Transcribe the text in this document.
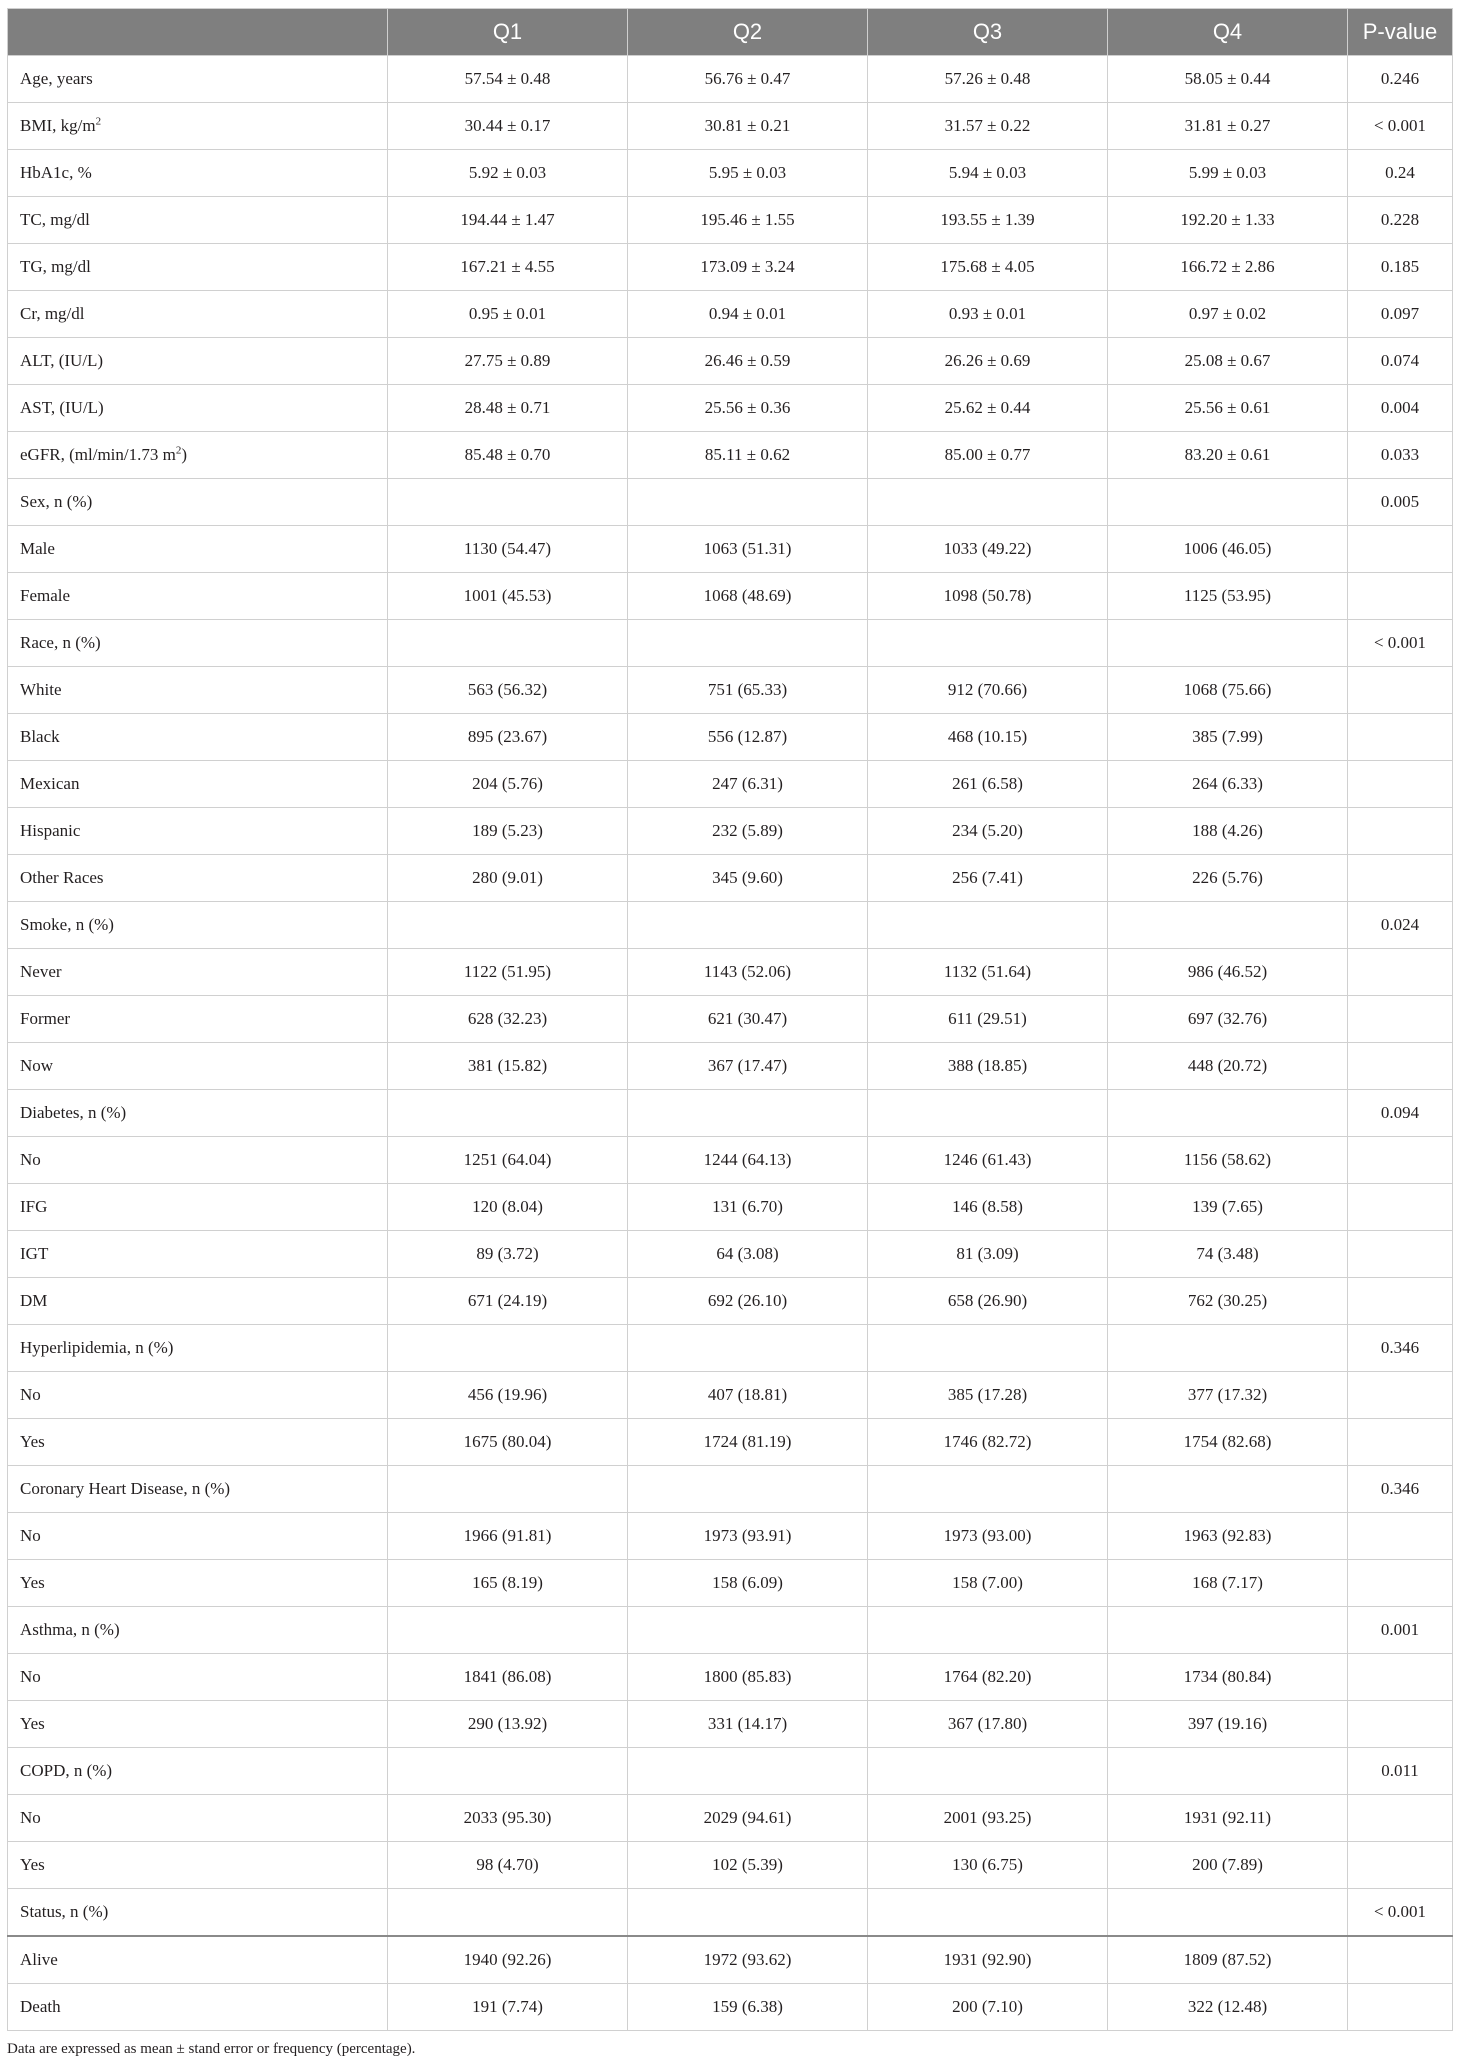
	Q1	Q2	Q3	Q4	P-value
Age, years	57.54 ± 0.48	56.76 ± 0.47	57.26 ± 0.48	58.05 ± 0.44	0.246
BMI, $kg/m^2$	30.44 ± 0.17	30.81 ± 0.21	31.57 ± 0.22	31.81 ± 0.27	< 0.001
HbA1c, %	5.92 ± 0.03	5.95 ± 0.03	5.94 ± 0.03	5.99 ± 0.03	0.24
TC, mg/dl	194.44 ± 1.47	195.46 ± 1.55	193.55 ± 1.39	192.20 ± 1.33	0.228
TG, mg/dl	167.21 ± 4.55	173.09 ± 3.24	175.68 ± 4.05	166.72 ± 2.86	0.185
Cr, mg/dl	0.95 ± 0.01	0.94 ± 0.01	0.93 ± 0.01	0.97 ± 0.02	0.097
ALT, (IU/L)	27.75 ± 0.89	26.46 ± 0.59	26.26 ± 0.69	25.08 ± 0.67	0.074
AST, (IU/L)	28.48 ± 0.71	25.56 ± 0.36	25.62 ± 0.44	25.56 ± 0.61	0.004
eGFR, (ml/min/1.73 $m^2$)	85.48 ± 0.70	85.11 ± 0.62	85.00 ± 0.77	83.20 ± 0.61	0.033
Sex, n (%)					0.005
Male	1130 (54.47)	1063 (51.31)	1033 (49.22)	1006 (46.05)	
Female	1001 (45.53)	1068 (48.69)	1098 (50.78)	1125 (53.95)	
Race, n (%)					< 0.001
White	563 (56.32)	751 (65.33)	912 (70.66)	1068 (75.66)	
Black	895 (23.67)	556 (12.87)	468 (10.15)	385 (7.99)	
Mexican	204 (5.76)	247 (6.31)	261 (6.58)	264 (6.33)	
Hispanic	189 (5.23)	232 (5.89)	234 (5.20)	188 (4.26)	
Other Races	280 (9.01)	345 (9.60)	256 (7.41)	226 (5.76)	
Smoke, n (%)					0.024
Never	1122 (51.95)	1143 (52.06)	1132 (51.64)	986 (46.52)	
Former	628 (32.23)	621 (30.47)	611 (29.51)	697 (32.76)	
Now	381 (15.82)	367 (17.47)	388 (18.85)	448 (20.72)	
Diabetes, n (%)					0.094
No	1251 (64.04)	1244 (64.13)	1246 (61.43)	1156 (58.62)	
IFG	120 (8.04)	131 (6.70)	146 (8.58)	139 (7.65)	
IGT	89 (3.72)	64 (3.08)	81 (3.09)	74 (3.48)	
DM	671 (24.19)	692 (26.10)	658 (26.90)	762 (30.25)	
Hyperlipidemia, n (%)					0.346
No	456 (19.96)	407 (18.81)	385 (17.28)	377 (17.32)	
Yes	1675 (80.04)	1724 (81.19)	1746 (82.72)	1754 (82.68)	
Coronary Heart Disease, n (%)					0.346
No	1966 (91.81)	1973 (93.91)	1973 (93.00)	1963 (92.83)	
Yes	165 (8.19)	158 (6.09)	158 (7.00)	168 (7.17)	
Asthma, n (%)					0.001
No	1841 (86.08)	1800 (85.83)	1764 (82.20)	1734 (80.84)	
Yes	290 (13.92)	331 (14.17)	367 (17.80)	397 (19.16)	
COPD, n (%)					0.011
No	2033 (95.30)	2029 (94.61)	2001 (93.25)	1931 (92.11)	
Yes	98 (4.70)	102 (5.39)	130 (6.75)	200 (7.89)	
Status, n (%)					< 0.001
Alive	1940 (92.26)	1972 (93.62)	1931 (92.90)	1809 (87.52)	
Death	191 (7.74)	159 (6.38)	200 (7.10)	322 (12.48)	
Data are expressed as mean ± stand error or frequency (percentage).
